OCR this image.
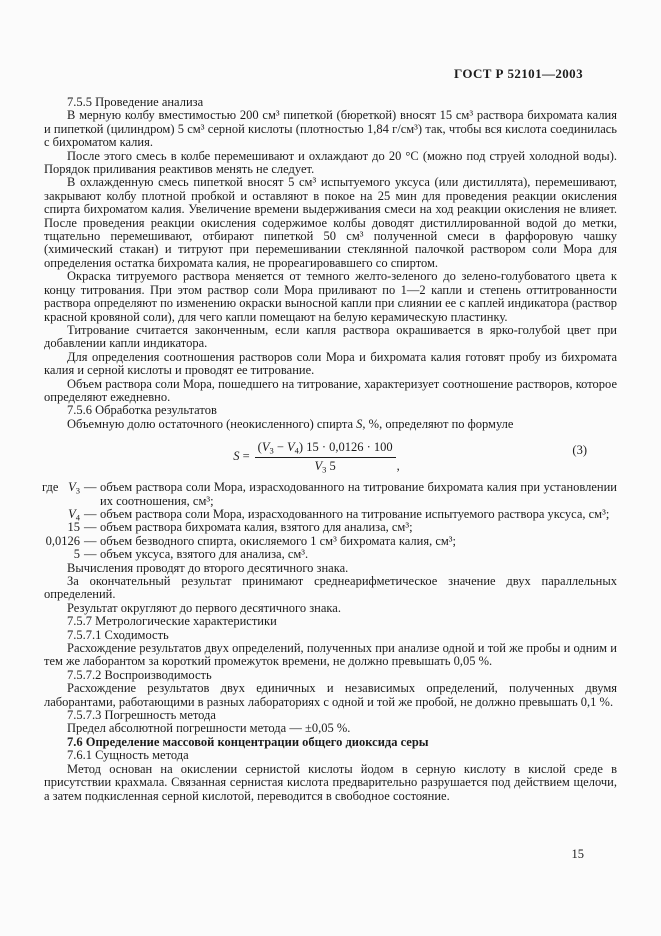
ГОСТ Р 52101—2003

7.5.5 Проведение анализа

В мерную колбу вместимостью 200 см³ пипеткой (бюреткой) вносят 15 см³ раствора бихромата калия и пипеткой (цилиндром) 5 см³ серной кислоты (плотностью 1,84 г/см³) так, чтобы вся кислота соединилась с бихроматом калия.

После этого смесь в колбе перемешивают и охлаждают до 20 °С (можно под струей холодной воды). Порядок приливания реактивов менять не следует.

В охлажденную смесь пипеткой вносят 5 см³ испытуемого уксуса (или дистиллята), перемешивают, закрывают колбу плотной пробкой и оставляют в покое на 25 мин для проведения реакции окисления спирта бихроматом калия. Увеличение времени выдерживания смеси на ход реакции окисления не влияет. После проведения реакции окисления содержимое колбы доводят дистиллированной водой до метки, тщательно перемешивают, отбирают пипеткой 50 см³ полученной смеси в фарфоровую чашку (химический стакан) и титруют при перемешивании стеклянной палочкой раствором соли Мора для определения остатка бихромата калия, не прореагировавшего со спиртом.

Окраска титруемого раствора меняется от темного желто-зеленого до зелено-голубоватого цвета к концу титрования. При этом раствор соли Мора приливают по 1—2 капли и степень оттитрованности раствора определяют по изменению окраски выносной капли при слиянии ее с каплей индикатора (раствор красной кровяной соли), для чего капли помещают на белую керамическую пластинку.

Титрование считается законченным, если капля раствора окрашивается в ярко-голубой цвет при добавлении капли индикатора.

Для определения соотношения растворов соли Мора и бихромата калия готовят пробу из бихромата калия и серной кислоты и проводят ее титрование.

Объем раствора соли Мора, пошедшего на титрование, характеризует соотношение растворов, которое определяют ежедневно.

7.5.6 Обработка результатов

Объемную долю остаточного (неокисленного) спирта S, %, определяют по формуле

$S = \frac{(V_3 - V_4) 15 \cdot 0,0126 \cdot 100}{V_3 5}$ ,
(3)
где $V_3$ — объем раствора соли Мора, израсходованного на титрование бихромата калия при установлении их соотношения, см³;
$V_4$ — объем раствора соли Мора, израсходованного на титрование испытуемого раствора уксуса, см³;
15 — объем раствора бихромата калия, взятого для анализа, см³;
0,0126 — объем безводного спирта, окисляемого 1 см³ бихромата калия, см³;
5 — объем уксуса, взятого для анализа, см³.

Вычисления проводят до второго десятичного знака.

За окончательный результат принимают среднеарифметическое значение двух параллельных определений.

Результат округляют до первого десятичного знака.

7.5.7 Метрологические характеристики

7.5.7.1 Сходимость

Расхождение результатов двух определений, полученных при анализе одной и той же пробы и одним и тем же лаборантом за короткий промежуток времени, не должно превышать 0,05 %.

7.5.7.2 Воспроизводимость

Расхождение результатов двух единичных и независимых определений, полученных двумя лаборантами, работающими в разных лабораториях с одной и той же пробой, не должно превышать 0,1 %.

7.5.7.3 Погрешность метода

Предел абсолютной погрешности метода — ±0,05 %.

7.6 Определение массовой концентрации общего диоксида серы

7.6.1 Сущность метода

Метод основан на окислении сернистой кислоты йодом в серную кислоту в кислой среде в присутствии крахмала. Связанная сернистая кислота предварительно разрушается под действием щелочи, а затем подкисленная серной кислотой, переводится в свободное состояние.

15
